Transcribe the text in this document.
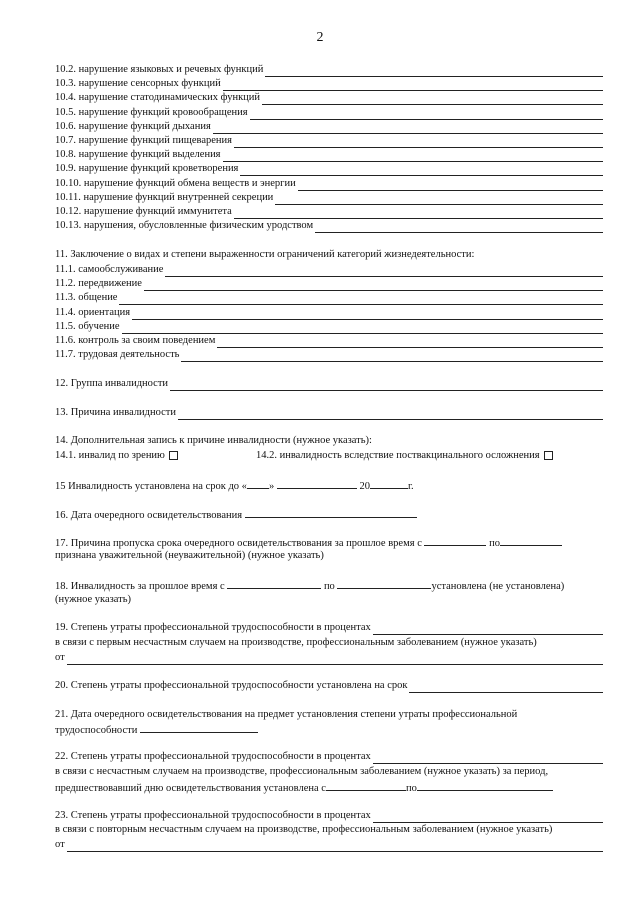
2
10.2. нарушение языковых и речевых функций
10.3. нарушение сенсорных функций
10.4. нарушение статодинамических функций
10.5. нарушение функций кровообращения
10.6. нарушение функций дыхания
10.7. нарушение функций пищеварения
10.8. нарушение функций выделения
10.9. нарушение функций кроветворения
10.10. нарушение функций обмена веществ и энергии
10.11. нарушение функций внутренней секреции
10.12. нарушение функций иммунитета
10.13. нарушения, обусловленные физическим уродством
11. Заключение о видах и степени выраженности ограничений категорий жизнедеятельности:
11.1. самообслуживание
11.2. передвижение
11.3. общение
11.4. ориентация
11.5. обучение
11.6. контроль за своим поведением
11.7. трудовая деятельность
12. Группа инвалидности
13. Причина инвалидности
14. Дополнительная запись к причине инвалидности (нужное указать):
14.1. инвалид по зрению	14.2. инвалидность вследствие поствакцинального осложнения
15 Инвалидность установлена на срок до « »	20	г.
16. Дата очередного освидетельствования
17. Причина пропуска срока очередного освидетельствования за прошлое время с	по
признана уважительной (неуважительной) (нужное указать)
18. Инвалидность за прошлое время с	по	установлена (не установлена)
(нужное указать)
19. Степень утраты профессиональной трудоспособности в процентах
в связи с первым несчастным случаем на производстве, профессиональным заболеванием (нужное указать)
от
20. Степень утраты профессиональной трудоспособности установлена на срок
21. Дата очередного освидетельствования на предмет установления степени утраты профессиональной
трудоспособности
22. Степень утраты профессиональной трудоспособности в процентах
в связи с несчастным случаем на производстве, профессиональным заболеванием (нужное указать) за период,
предшествовавший дню освидетельствования установлена с	по
23. Степень утраты профессиональной трудоспособности в процентах
в связи с повторным несчастным случаем на производстве, профессиональным заболеванием (нужное указать)
от
